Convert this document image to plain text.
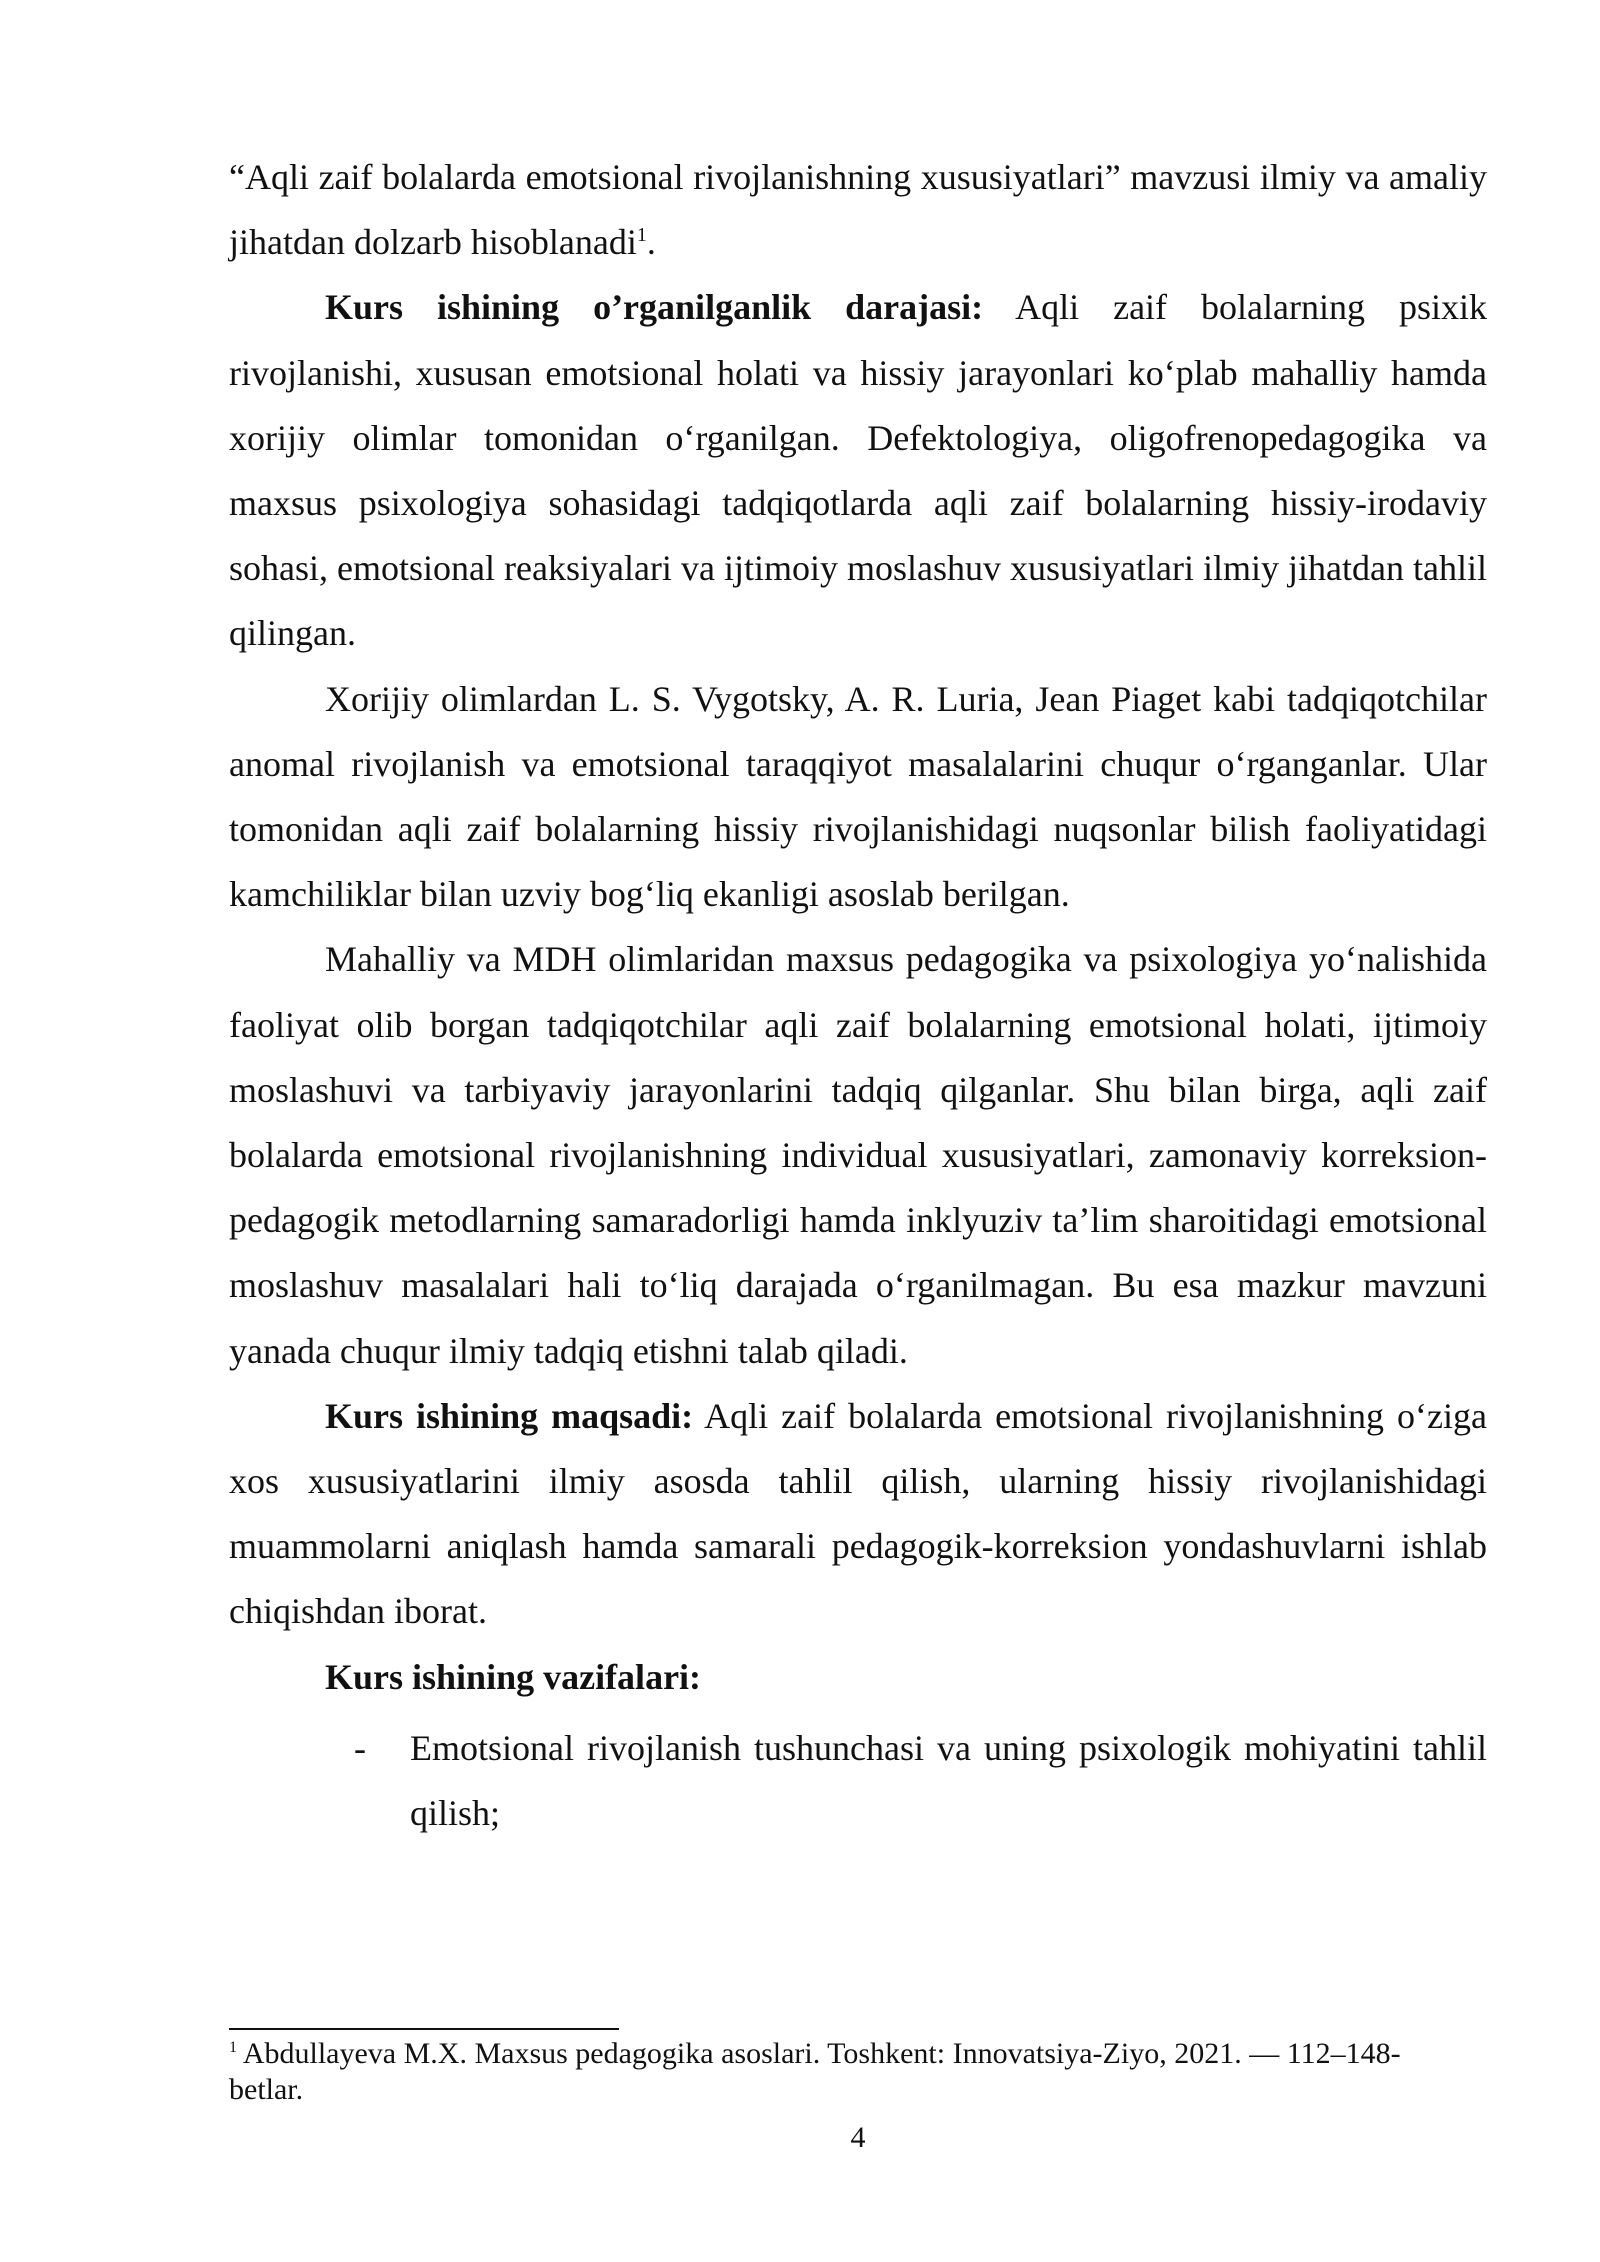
“Aqli zaif bolalarda emotsional rivojlanishning xususiyatlari” mavzusi ilmiy va amaliy jihatdan dolzarb hisoblanadi$^1$.

Kurs ishining o’rganilganlik darajasi: Aqli zaif bolalarning psixik rivojlanishi, xususan emotsional holati va hissiy jarayonlari ko‘plab mahalliy hamda xorijiy olimlar tomonidan o‘rganilgan. Defektologiya, oligofrenopedagogika va maxsus psixologiya sohasidagi tadqiqotlarda aqli zaif bolalarning hissiy-irodaviy sohasi, emotsional reaksiyalari va ijtimoiy moslashuv xususiyatlari ilmiy jihatdan tahlil qilingan.

Xorijiy olimlardan L. S. Vygotsky, A. R. Luria, Jean Piaget kabi tadqiqotchilar anomal rivojlanish va emotsional taraqqiyot masalalarini chuqur o‘rganganlar. Ular tomonidan aqli zaif bolalarning hissiy rivojlanishidagi nuqsonlar bilish faoliyatidagi kamchiliklar bilan uzviy bog‘liq ekanligi asoslab berilgan.

Mahalliy va MDH olimlaridan maxsus pedagogika va psixologiya yo‘nalishida faoliyat olib borgan tadqiqotchilar aqli zaif bolalarning emotsional holati, ijtimoiy moslashuvi va tarbiyaviy jarayonlarini tadqiq qilganlar. Shu bilan birga, aqli zaif bolalarda emotsional rivojlanishning individual xususiyatlari, zamonaviy korreksion-pedagogik metodlarning samaradorligi hamda inklyuziv ta’lim sharoitidagi emotsional moslashuv masalalari hali to‘liq darajada o‘rganilmagan. Bu esa mazkur mavzuni yanada chuqur ilmiy tadqiq etishni talab qiladi.

Kurs ishining maqsadi: Aqli zaif bolalarda emotsional rivojlanishning o‘ziga xos xususiyatlarini ilmiy asosda tahlil qilish, ularning hissiy rivojlanishidagi muammolarni aniqlash hamda samarali pedagogik-korreksion yondashuvlarni ishlab chiqishdan iborat.

Kurs ishining vazifalari:

-	Emotsional rivojlanish tushunchasi va uning psixologik mohiyatini tahlil qilish;

$^1$ Abdullayeva M.X. Maxsus pedagogika asoslari. Toshkent: Innovatsiya-Ziyo, 2021. — 112–148-betlar.

4
